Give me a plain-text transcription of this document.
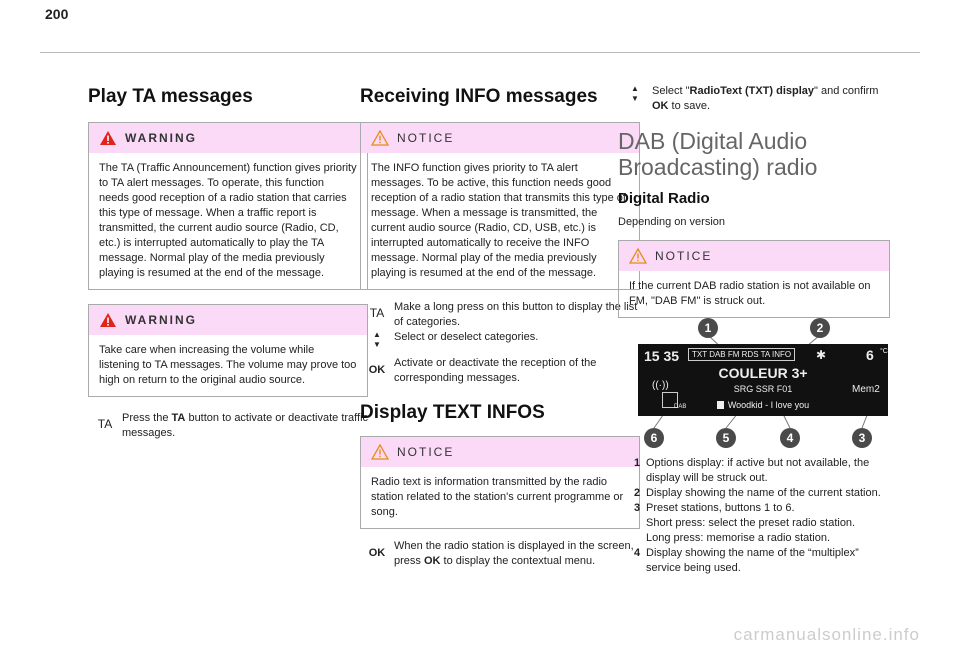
200
Play TA messages
WARNING
The TA (Traffic Announcement) function gives priority to TA alert messages. To operate, this function needs good reception of a radio station that carries this type of message. When a traffic report is transmitted, the current audio source (Radio, CD, etc.) is interrupted automatically to play the TA message. Normal play of the media previously playing is resumed at the end of the message.
WARNING
Take care when increasing the volume while listening to TA messages. The volume may prove too high on return to the original audio source.
TA Press the TA button to activate or deactivate traffic messages.
Receiving INFO messages
NOTICE
The INFO function gives priority to TA alert messages. To be active, this function needs good reception of a radio station that transmits this type of message. When a message is transmitted, the current audio source (Radio, CD, USB, etc.) is interrupted automatically to receive the INFO message. Normal play of the media previously playing is resumed at the end of the message.
TA Make a long press on this button to display the list of categories.
▲
▼
Select or deselect categories.
OK
Activate or deactivate the reception of the corresponding messages.
Display TEXT INFOS
NOTICE
Radio text is information transmitted by the radio station related to the station's current programme or song.
OK
When the radio station is displayed in the screen, press OK to display the contextual menu.
▲
▼
Select "RadioText (TXT) display" and confirm OK to save.
DAB (Digital Audio Broadcasting) radio
Digital Radio
Depending on version
NOTICE
If the current DAB radio station is not available on FM, "DAB FM" is struck out.
1	2
15 35	TXT DAB FM RDS TA INFO	✱	6 °C
COULEUR 3+
SRG SSR F01
((·))
DAB
Mem2
Woodkid - I love you
6	5	4	3
1 Options display: if active but not available, the display will be struck out.
2 Display showing the name of the current station.
3 Preset stations, buttons 1 to 6.
Short press: select the preset radio station.
Long press: memorise a radio station.
4 Display showing the name of the “multiplex” service being used.
carmanualsonline.info
